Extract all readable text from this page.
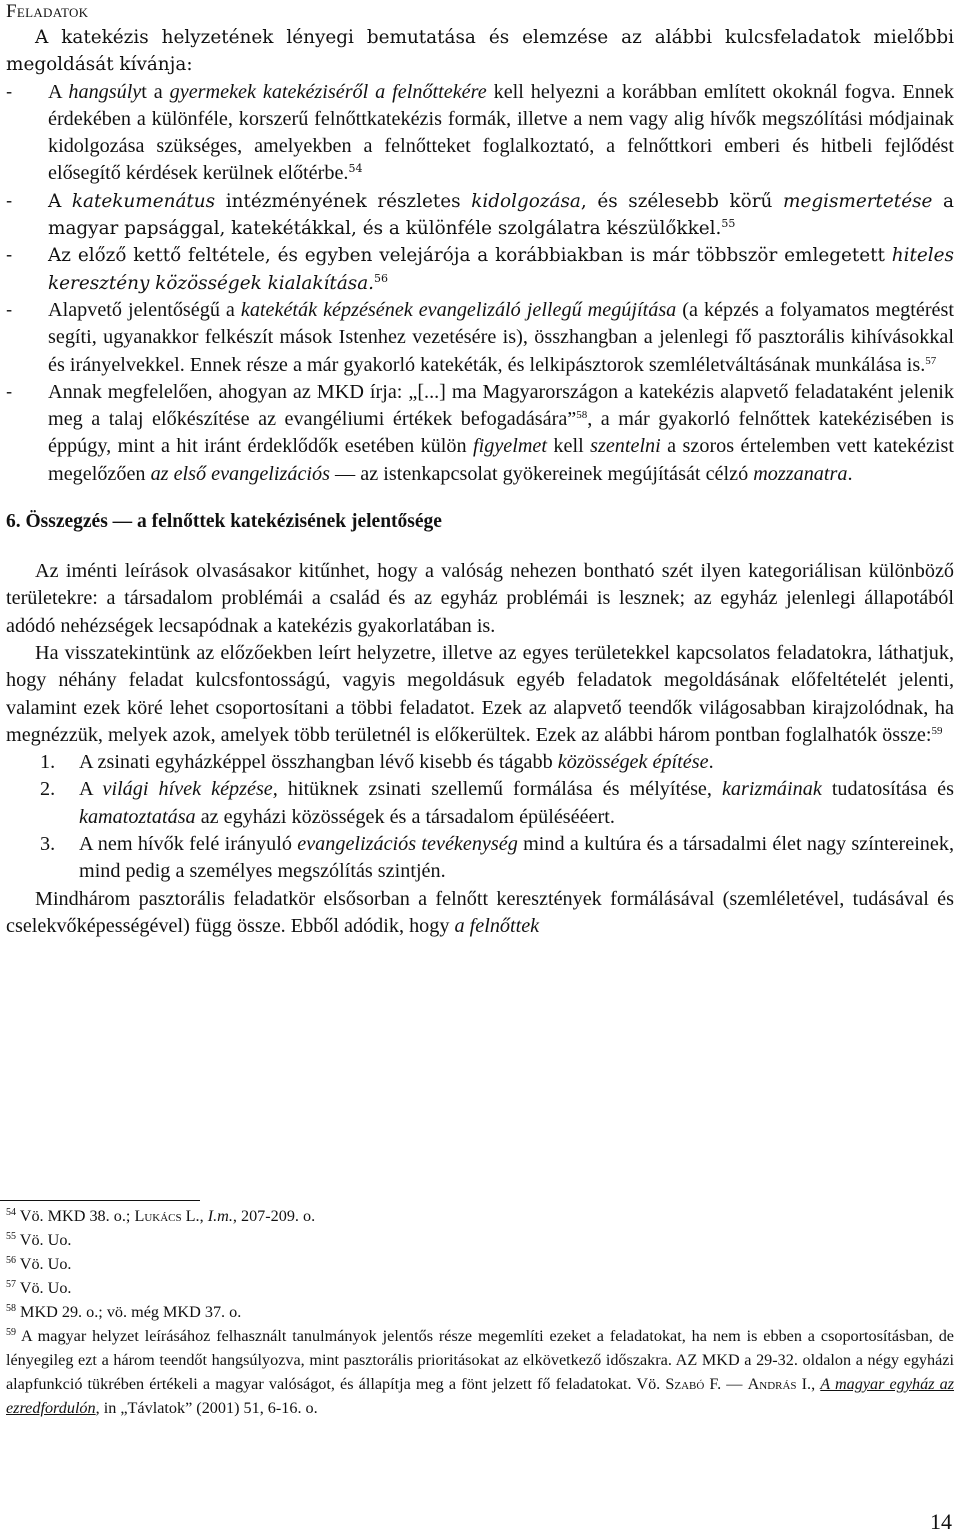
Feladatok

A katekézis helyzetének lényegi bemutatása és elemzése az alábbi kulcsfeladatok mielőbbi megoldását kívánja:

-	A hangsúlyt a gyermekek katekéziséről a felnőttekére kell helyezni a korábban említett okoknál fogva. Ennek érdekében a különféle, korszerű felnőttkatekézis formák, illetve a nem vagy alig hívők megszólítási módjainak kidolgozása szükséges, amelyekben a felnőtteket foglalkoztató, a felnőttkori emberi és hitbeli fejlődést elősegítő kérdések kerülnek előtérbe.$^{54}$
-	A katekumenátus intézményének részletes kidolgozása, és szélesebb körű megismertetése a magyar papsággal, katekétákkal, és a különféle szolgálatra készülőkkel.$^{55}$
-	Az előző kettő feltétele, és egyben velejárója a korábbiakban is már többször emlegetett hiteles keresztény közösségek kialakítása.$^{56}$
-	Alapvető jelentőségű a katekéták képzésének evangelizáló jellegű megújítása (a képzés a folyamatos megtérést segíti, ugyanakkor felkészít mások Istenhez vezetésére is), összhangban a jelenlegi fő pasztorális kihívásokkal és irányelvekkel. Ennek része a már gyakorló katekéták, és lelkipásztorok szemléletváltásának munkálása is.$^{57}$
-	Annak megfelelően, ahogyan az MKD írja: „[...] ma Magyarországon a katekézis alapvető feladataként jelenik meg a talaj előkészítése az evangéliumi értékek befogadására”$^{58}$, a már gyakorló felnőttek katekézisében is éppúgy, mint a hit iránt érdeklődők esetében külön figyelmet kell szentelni a szoros értelemben vett katekézist megelőzően az első evangelizációs — az istenkapcsolat gyökereinek megújítását célzó mozzanatra.
6. Összegzés — a felnőttek katekézisének jelentősége

Az iménti leírások olvasásakor kitűnhet, hogy a valóság nehezen bontható szét ilyen kategoriálisan különböző területekre: a társadalom problémái a család és az egyház problémái is lesznek; az egyház jelenlegi állapotából adódó nehézségek lecsapódnak a katekézis gyakorlatában is.

Ha visszatekintünk az előzőekben leírt helyzetre, illetve az egyes területekkel kapcsolatos feladatokra, láthatjuk, hogy néhány feladat kulcsfontosságú, vagyis megoldásuk egyéb feladatok megoldásának előfeltételét jelenti, valamint ezek köré lehet csoportosítani a többi feladatot. Ezek az alapvető teendők világosabban kirajzolódnak, ha megnézzük, melyek azok, amelyek több területnél is előkerültek. Ezek az alábbi három pontban foglalhatók össze:$^{59}$

1.	A zsinati egyházképpel összhangban lévő kisebb és tágabb közösségek építése.
2.	A világi hívek képzése, hitüknek zsinati szellemű formálása és mélyítése, karizmáinak tudatosítása és kamatoztatása az egyházi közösségek és a társadalom épülésééert.
3.	A nem hívők felé irányuló evangelizációs tevékenység mind a kultúra és a társadalmi élet nagy színtereinek, mind pedig a személyes megszólítás szintjén.

Mindhárom pasztorális feladatkör elsősorban a felnőtt keresztények formálásával (szemléletével, tudásával és cselekvőképességével) függ össze. Ebből adódik, hogy a felnőttek

$^{54}$ Vö. MKD 38. o.; Lukács L., I.m., 207-209. o.

$^{55}$ Vö. Uo.

$^{56}$ Vö. Uo.

$^{57}$ Vö. Uo.

$^{58}$ MKD 29. o.; vö. még MKD 37. o.

$^{59}$ A magyar helyzet leírásához felhasznált tanulmányok jelentős része megemlíti ezeket a feladatokat, ha nem is ebben a csoportosításban, de lényegileg ezt a három teendőt hangsúlyozva, mint pasztorális prioritásokat az elkövetkező időszakra. AZ MKD a 29-32. oldalon a négy egyházi alapfunkció tükrében értékeli a magyar valóságot, és állapítja meg a fönt jelzett fő feladatokat. Vö. Szabó F. — András I., A magyar egyház az ezredfordulón, in „Távlatok” (2001) 51, 6-16. o.

14
